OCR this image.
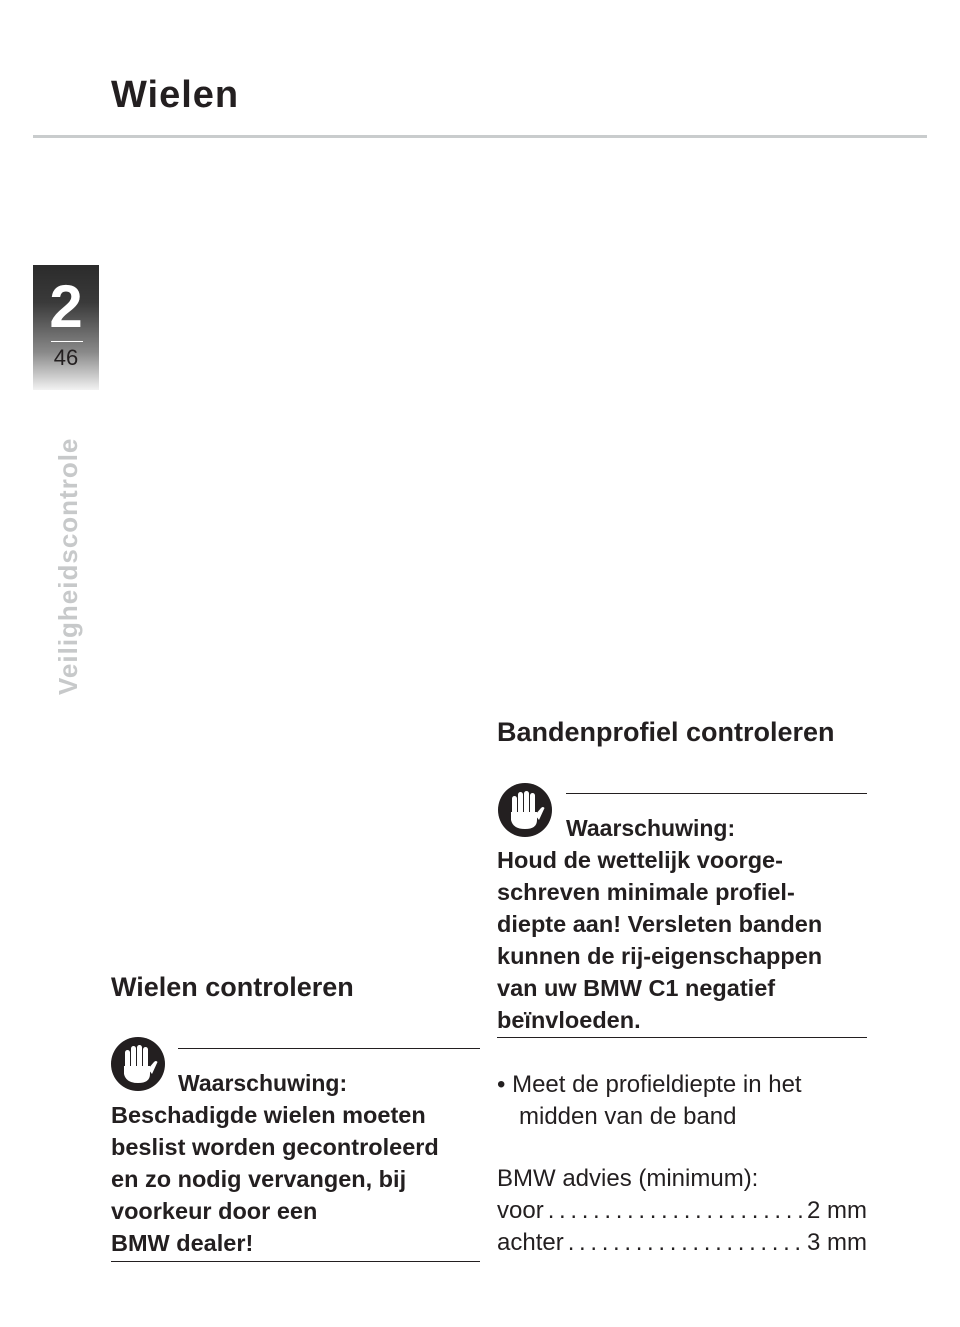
Wielen
2
46
Veiligheidscontrole
Wielen controleren
Waarschuwing:
Beschadigde wielen moeten
beslist worden gecontroleerd
en zo nodig vervangen, bij
voorkeur door een
BMW dealer!
Bandenprofiel controleren
Waarschuwing:
Houd de wettelijk voorge-
schreven minimale profiel-
diepte aan! Versleten banden
kunnen de rij-eigenschappen
van uw BMW C1 negatief
beïnvloeden.
• Meet de profieldiepte in het
midden van de band
BMW advies (minimum):
voor . . .	2 mm
achter . . .	3 mm
